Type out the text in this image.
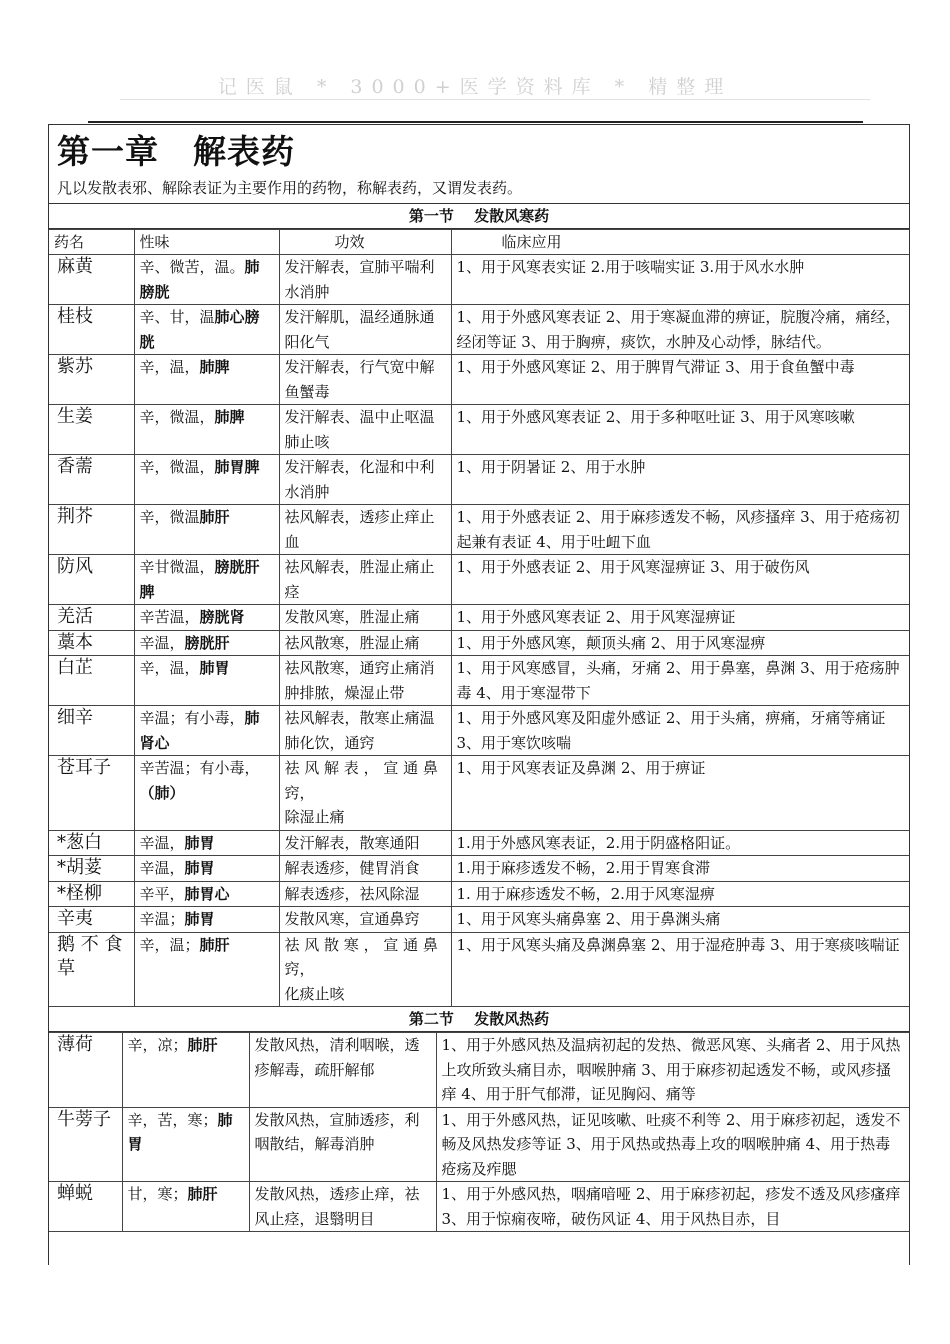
记医鼠 * 3000+医学资料库 * 精整理
第一章　解表药
凡以发散表邪、解除表证为主要作用的药物，称解表药，又谓发表药。
第一节　 发散风寒药
药名	性味	功效	临床应用
麻黄	辛、微苦，温。肺膀胱	发汗解表，宣肺平喘利水消肿	1、用于风寒表实证 2.用于咳喘实证 3.用于风水水肿
桂枝	辛、甘，温肺心膀胱	发汗解肌，温经通脉通阳化气	1、用于外感风寒表证 2、用于寒凝血滞的痹证，脘腹冷痛，痛经，经闭等证 3、用于胸痹，痰饮，水肿及心动悸，脉结代。
紫苏	辛，温，肺脾	发汗解表，行气宽中解鱼蟹毒	1、用于外感风寒证 2、用于脾胃气滞证 3、用于食鱼蟹中毒
生姜	辛，微温，肺脾	发汗解表、温中止呕温肺止咳	1、用于外感风寒表证 2、用于多种呕吐证 3、用于风寒咳嗽
香薷	辛，微温，肺胃脾	发汗解表，化湿和中利水消肿	1、用于阴暑证 2、用于水肿
荆芥	辛，微温肺肝	祛风解表，透疹止痒止血	1、用于外感表证 2、用于麻疹透发不畅，风疹搔痒 3、用于疮疡初起兼有表证 4、用于吐衄下血
防风	辛甘微温，膀胱肝脾	祛风解表，胜湿止痛止痉	1、用于外感表证 2、用于风寒湿痹证 3、用于破伤风
羌活	辛苦温，膀胱肾	发散风寒，胜湿止痛	1、用于外感风寒表证 2、用于风寒湿痹证
藁本	辛温，膀胱肝	祛风散寒，胜湿止痛	1、用于外感风寒，颠顶头痛 2、用于风寒湿痹
白芷	辛，温，肺胃	祛风散寒，通窍止痛消肿排脓，燥湿止带	1、用于风寒感冒，头痛，牙痛 2、用于鼻塞，鼻渊 3、用于疮疡肿毒 4、用于寒湿带下
细辛	辛温；有小毒，肺肾心	祛风解表，散寒止痛温肺化饮，通窍	1、用于外感风寒及阳虚外感证 2、用于头痛，痹痛，牙痛等痛证 3、用于寒饮咳喘
苍耳子	辛苦温；有小毒，（肺）	祛 风 解 表 ， 宣 通 鼻窍，
除湿止痛	1、用于风寒表证及鼻渊 2、用于痹证
*葱白	辛温，肺胃	发汗解表，散寒通阳	1.用于外感风寒表证，2.用于阴盛格阳证。
*胡荽	辛温，肺胃	解表透疹，健胃消食	1.用于麻疹透发不畅，2.用于胃寒食滞
*柽柳	辛平，肺胃心	解表透疹，祛风除湿	1. 用于麻疹透发不畅，2.用于风寒湿痹
辛夷	辛温；肺胃	发散风寒，宣通鼻窍	1、用于风寒头痛鼻塞 2、用于鼻渊头痛
鹅 不 食草	辛，温；肺肝	祛 风 散 寒 ， 宣 通 鼻窍，
化痰止咳	1、用于风寒头痛及鼻渊鼻塞 2、用于湿疮肿毒 3、用于寒痰咳喘证
第二节　 发散风热药
薄荷	辛，凉；肺肝	发散风热，清利咽喉，透疹解毒，疏肝解郁	1、用于外感风热及温病初起的发热、微恶风寒、头痛者 2、用于风热上攻所致头痛目赤，咽喉肿痛 3、用于麻疹初起透发不畅，或风疹搔痒 4、用于肝气郁滞，证见胸闷、痛等
牛蒡子	辛，苦，寒；肺胃	发散风热，宣肺透疹，利咽散结，解毒消肿	1、用于外感风热，证见咳嗽、吐痰不利等 2、用于麻疹初起，透发不畅及风热发疹等证 3、用于风热或热毒上攻的咽喉肿痛 4、用于热毒疮疡及痄腮
蝉蜕	甘，寒；肺肝	发散风热，透疹止痒，祛风止痉，退翳明目	1、用于外感风热，咽痛喑哑 2、用于麻疹初起，疹发不透及风疹瘙痒 3、用于惊痫夜啼，破伤风证 4、用于风热目赤，目
